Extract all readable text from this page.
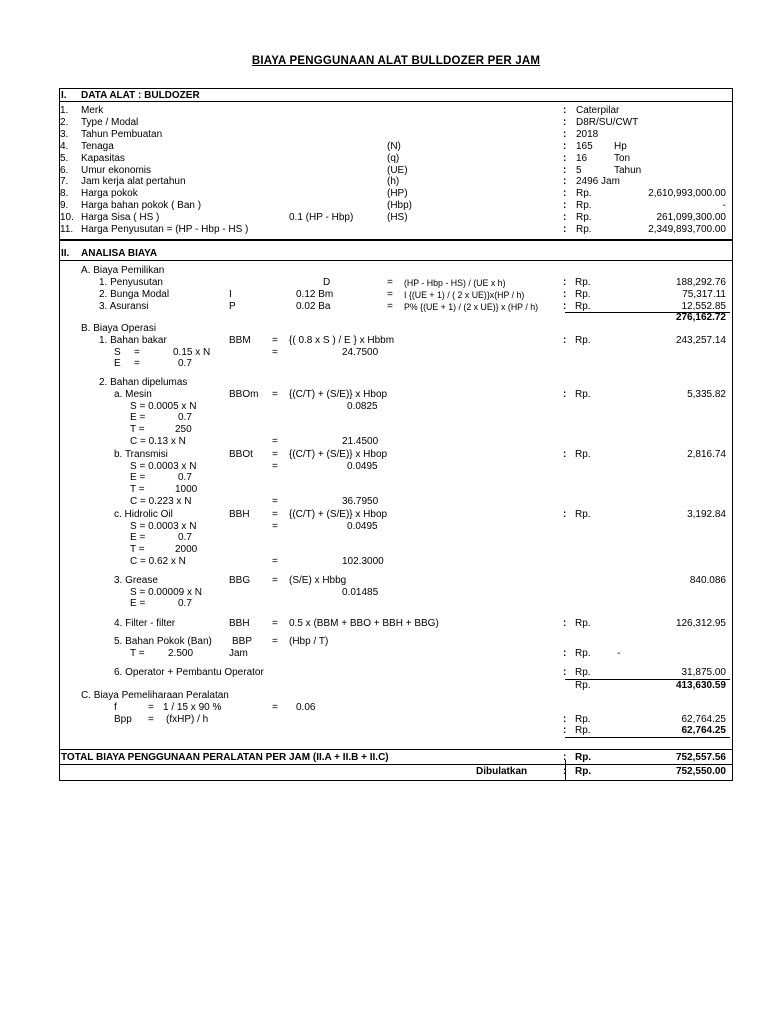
BIAYA PENGGUNAAN ALAT BULLDOZER PER JAM
I. DATA ALAT : BULDOZER
1. Merk	: Caterpilar
2. Type / Modal	: D8R/SU/CWT
3. Tahun Pembuatan	: 2018
4. Tenaga	(N)	: 165 Hp
5. Kapasitas	(q)	: 16	Ton
6. Umur ekonomis	(UE)	: 5	Tahun
7. Jam kerja alat pertahun	(h)	: 2496 Jam
8. Harga pokok	(HP)	: Rp.	2,610,993,000.00
9. Harga bahan pokok ( Ban )	(Hbp)	: Rp.	-
10. Harga Sisa ( HS )	0.1 (HP - Hbp)	(HS)	: Rp.	261,099,300.00
11. Harga Penyusutan = (HP - Hbp - HS )	: Rp.	2,349,893,700.00
II. ANALISA BIAYA
A. Biaya Pemilikan
1. Penyusutan	D	= (HP - Hbp - HS) / (UE x h)	: Rp.	188,292.76
2. Bunga Modal	I	0.12 Bm	= I {(UE + 1) / ( 2 x UE)}x(HP / h)	: Rp.	75,317.11
3. Asuransi	P	0.02 Ba	= P% {(UE + 1) / (2 x UE)} x (HP / h) : Rp.	12,552.85
276,162.72
B. Biaya Operasi
1. Bahan bakar	BBM = {( 0.8 x S ) / E } x Hbbm	: Rp.	243,257.14
S =	0.15 x N	=	24.7500
E =	0.7
2. Bahan dipelumas
a. Mesin	BBOm = {(C/T) + (S/E)} x Hbop	: Rp.	5,335.82
S = 0.0005 x N	0.0825
E =	0.7
T =	250
C = 0.13 x N	=	21.4500
b. Transmisi	BBOt = {(C/T) + (S/E)} x Hbop	: Rp.	2,816.74
S = 0.0003 x N	=	0.0495
E =	0.7
T =	1000
C = 0.223 x N	=	36.7950
c. Hidrolic Oil	BBH = {(C/T) + (S/E)} x Hbop	: Rp.	3,192.84
S = 0.0003 x N	=	0.0495
E =	0.7
T =	2000
C = 0.62 x N	=	102.3000
3. Grease	BBG = (S/E) x Hbbg	840.086
S = 0.00009 x N	0.01485
E =	0.7
4. Filter - filter	BBH = 0.5 x (BBM + BBO + BBH + BBG)	: Rp.	126,312.95
5. Bahan Pokok (Ban) BBP = (Hbp / T)
T = 2.500	Jam	: Rp.	-
6. Operator + Pembantu Operator	: Rp.	31,875.00
Rp.	413,630.59
C. Biaya Pemeliharaan Peralatan
f	= 1 / 15 x 90 %	= 0.06
Bpp = (fxHP) / h	: Rp.	62,764.25
: Rp.	62,764.25
TOTAL BIAYA PENGGUNAAN PERALATAN PER JAM (II.A + II.B + II.C)	: Rp.	752,557.56
Dibulatkan	: Rp.	752,550.00
